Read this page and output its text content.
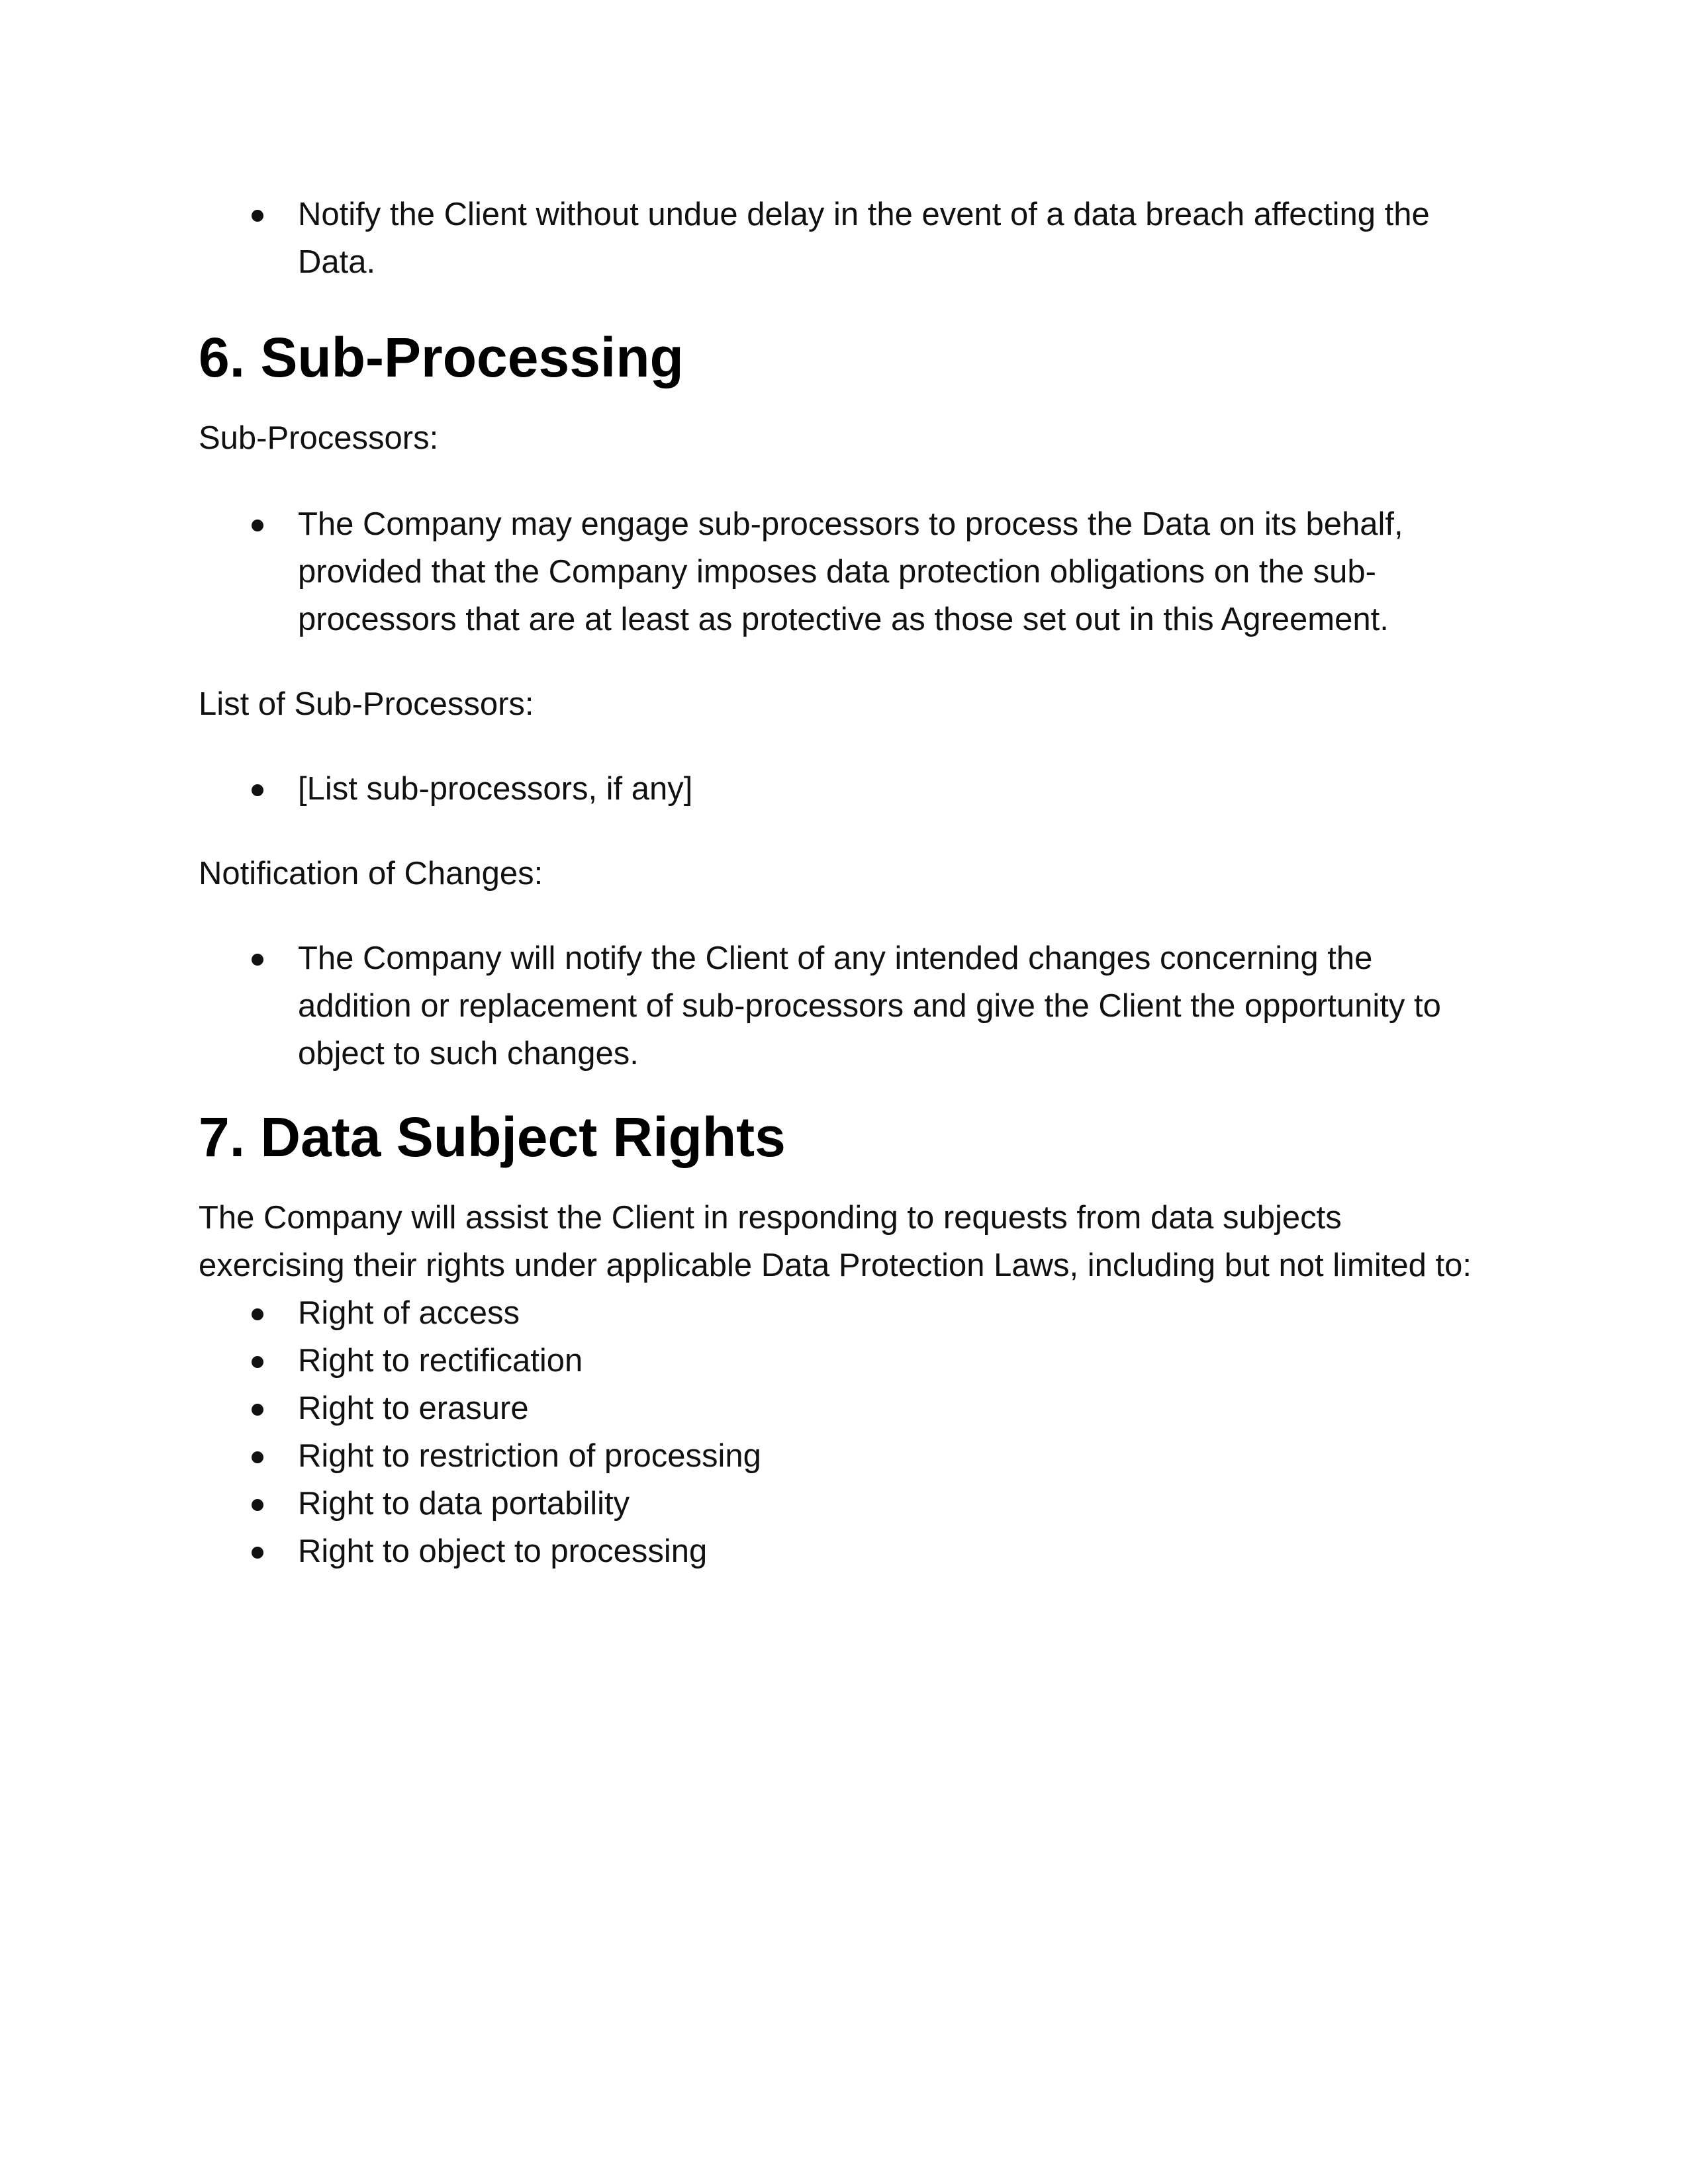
Notify the Client without undue delay in the event of a data breach affecting the Data.
6. Sub-Processing

Sub-Processors:

The Company may engage sub-processors to process the Data on its behalf, provided that the Company imposes data protection obligations on the sub-processors that are at least as protective as those set out in this Agreement.

List of Sub-Processors:

[List sub-processors, if any]

Notification of Changes:

The Company will notify the Client of any intended changes concerning the addition or replacement of sub-processors and give the Client the opportunity to object to such changes.
7. Data Subject Rights

The Company will assist the Client in responding to requests from data subjects exercising their rights under applicable Data Protection Laws, including but not limited to:

Right of access
Right to rectification
Right to erasure
Right to restriction of processing
Right to data portability
Right to object to processing
